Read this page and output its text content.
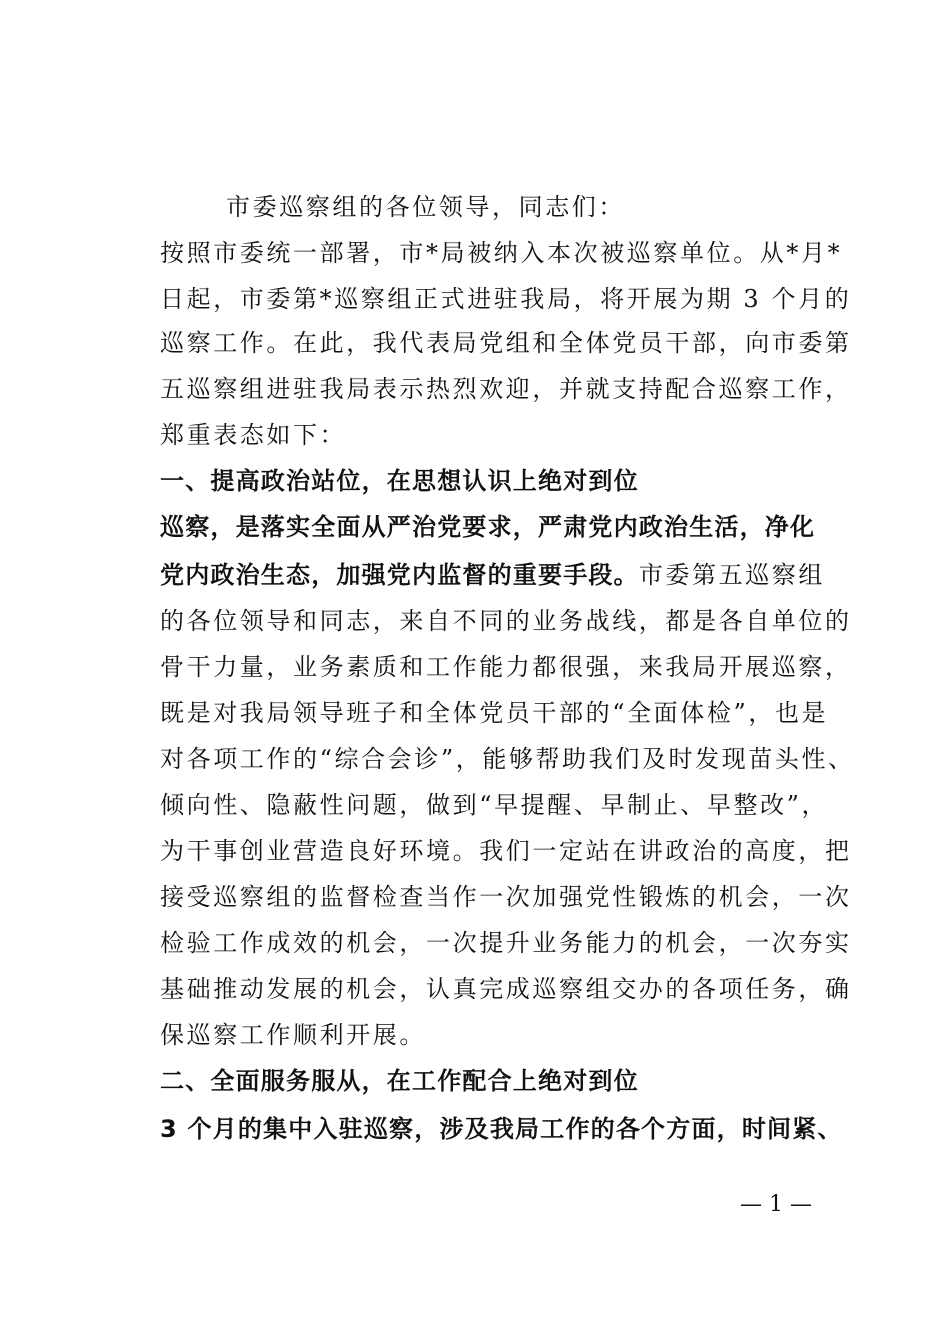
市委巡察组的各位领导，同志们：
按照市委统一部署，市*局被纳入本次被巡察单位。从*月*
日起，市委第*巡察组正式进驻我局，将开展为期 3 个月的
巡察工作。在此，我代表局党组和全体党员干部，向市委第
五巡察组进驻我局表示热烈欢迎，并就支持配合巡察工作，
郑重表态如下：
一、提高政治站位，在思想认识上绝对到位
巡察，是落实全面从严治党要求，严肃党内政治生活，净化
党内政治生态，加强党内监督的重要手段。市委第五巡察组
的各位领导和同志，来自不同的业务战线，都是各自单位的
骨干力量，业务素质和工作能力都很强，来我局开展巡察，
既是对我局领导班子和全体党员干部的“全面体检”，也是
对各项工作的“综合会诊”，能够帮助我们及时发现苗头性、
倾向性、隐蔽性问题，做到“早提醒、早制止、早整改”，
为干事创业营造良好环境。我们一定站在讲政治的高度，把
接受巡察组的监督检查当作一次加强党性锻炼的机会，一次
检验工作成效的机会，一次提升业务能力的机会，一次夯实
基础推动发展的机会，认真完成巡察组交办的各项任务，确
保巡察工作顺利开展。
二、全面服务服从，在工作配合上绝对到位
3 个月的集中入驻巡察，涉及我局工作的各个方面，时间紧、
— 1 —
